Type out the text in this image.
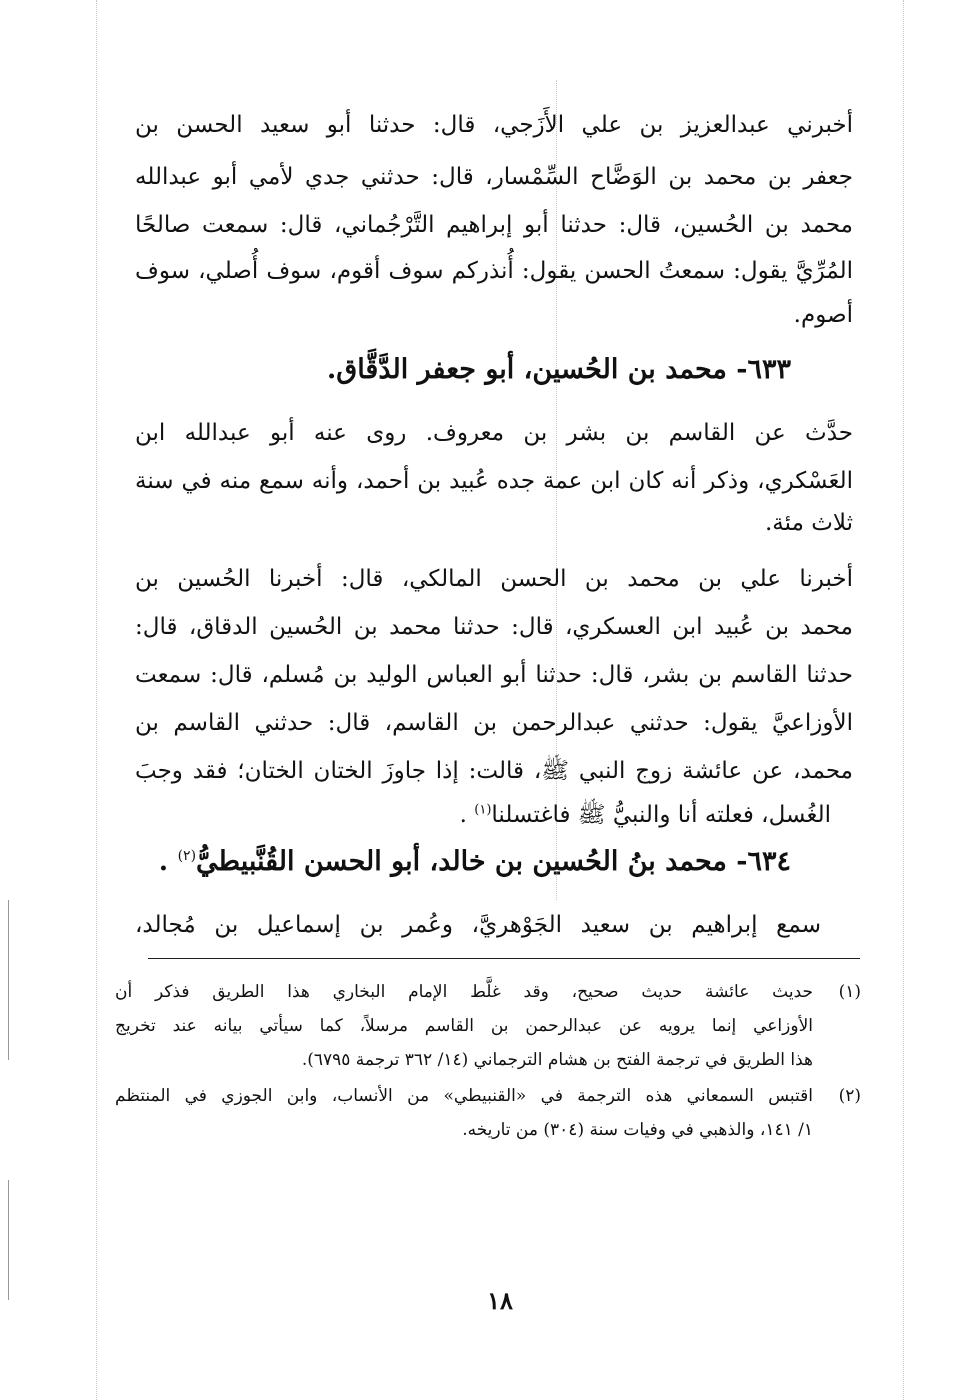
أخبرني عبدالعزيز بن علي الأَزَجي، قال: حدثنا أبو سعيد الحسن بن
جعفر بن محمد بن الوَضَّاح السِّمْسار، قال: حدثني جدي لأمي أبو عبدالله
محمد بن الحُسين، قال: حدثنا أبو إبراهيم التَّرْجُماني، قال: سمعت صالحًا
المُرِّيَّ يقول: سمعتُ الحسن يقول: أُنذركم سوف أقوم، سوف أُصلي، سوف
أصوم.
٦٣٣- محمد بن الحُسين، أبو جعفر الدَّقَّاق.
حدَّث عن القاسم بن بشر بن معروف. روى عنه أبو عبدالله ابن
العَسْكري، وذكر أنه كان ابن عمة جده عُبيد بن أحمد، وأنه سمع منه في سنة
ثلاث مئة.
أخبرنا علي بن محمد بن الحسن المالكي، قال: أخبرنا الحُسين بن
محمد بن عُبيد ابن العسكري، قال: حدثنا محمد بن الحُسين الدقاق، قال:
حدثنا القاسم بن بشر، قال: حدثنا أبو العباس الوليد بن مُسلم، قال: سمعت
الأوزاعيَّ يقول: حدثني عبدالرحمن بن القاسم، قال: حدثني القاسم بن
محمد، عن عائشة زوج النبي ﷺ، قالت: إذا جاوزَ الختان الختان؛ فقد وجبَ
الغُسل، فعلته أنا والنبيُّ ﷺ فاغتسلنا$^{(١)}$ .
٦٣٤- محمد بنُ الحُسين بن خالد، أبو الحسن القُنَّبيطيُّ$^{(٢)}$ .
سمع إبراهيم بن سعيد الجَوْهريَّ، وعُمر بن إسماعيل بن مُجالد،
(١)
حديث عائشة حديث صحيح، وقد غلَّط الإمام البخاري هذا الطريق فذكر أن
الأوزاعي إنما يرويه عن عبدالرحمن بن القاسم مرسلاً، كما سيأتي بيانه عند تخريج
هذا الطريق في ترجمة الفتح بن هشام الترجماني (١٤/ ٣٦٢ ترجمة ٦٧٩٥).
(٢)
اقتبس السمعاني هذه الترجمة في «القنبيطي» من الأنساب، وابن الجوزي في المنتظم
١/ ١٤١، والذهبي في وفيات سنة (٣٠٤) من تاريخه.
١٨
